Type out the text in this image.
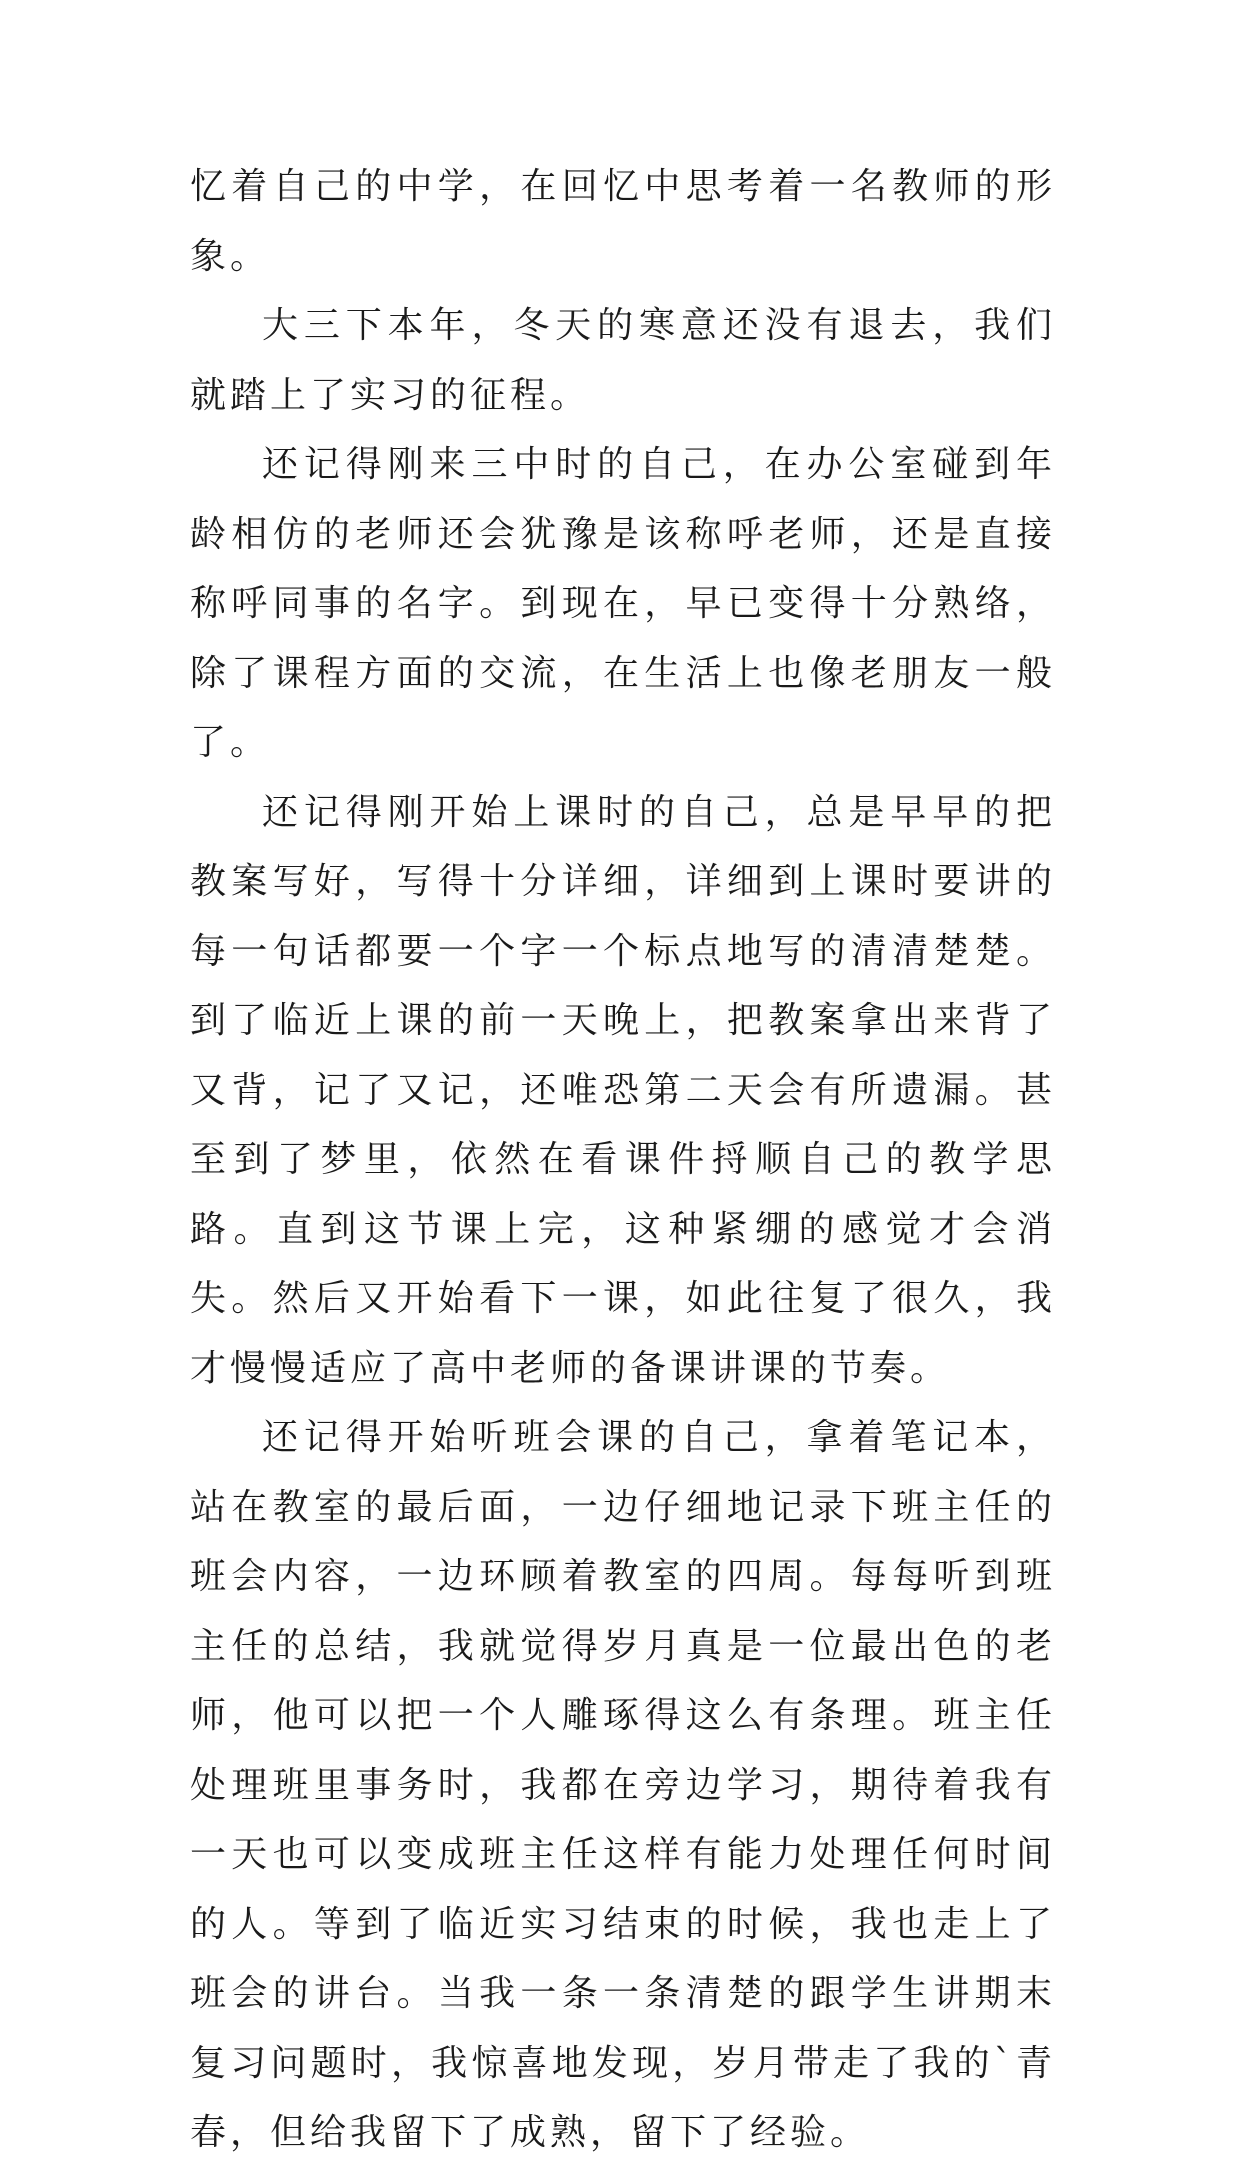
忆着自己的中学，在回忆中思考着一名教师的形象。

大三下本年，冬天的寒意还没有退去，我们就踏上了实习的征程。

还记得刚来三中时的自己，在办公室碰到年龄相仿的老师还会犹豫是该称呼老师，还是直接称呼同事的名字。到现在，早已变得十分熟络，除了课程方面的交流，在生活上也像老朋友一般了。

还记得刚开始上课时的自己，总是早早的把教案写好，写得十分详细，详细到上课时要讲的每一句话都要一个字一个标点地写的清清楚楚。到了临近上课的前一天晚上，把教案拿出来背了又背，记了又记，还唯恐第二天会有所遗漏。甚至到了梦里，依然在看课件捋顺自己的教学思路。直到这节课上完，这种紧绷的感觉才会消失。然后又开始看下一课，如此往复了很久，我才慢慢适应了高中老师的备课讲课的节奏。

还记得开始听班会课的自己，拿着笔记本，站在教室的最后面，一边仔细地记录下班主任的班会内容，一边环顾着教室的四周。每每听到班主任的总结，我就觉得岁月真是一位最出色的老师，他可以把一个人雕琢得这么有条理。班主任处理班里事务时，我都在旁边学习，期待着我有一天也可以变成班主任这样有能力处理任何时间的人。等到了临近实习结束的时候，我也走上了班会的讲台。当我一条一条清楚的跟学生讲期末复习问题时，我惊喜地发现，岁月带走了我的`青春，但给我留下了成熟，留下了经验。
